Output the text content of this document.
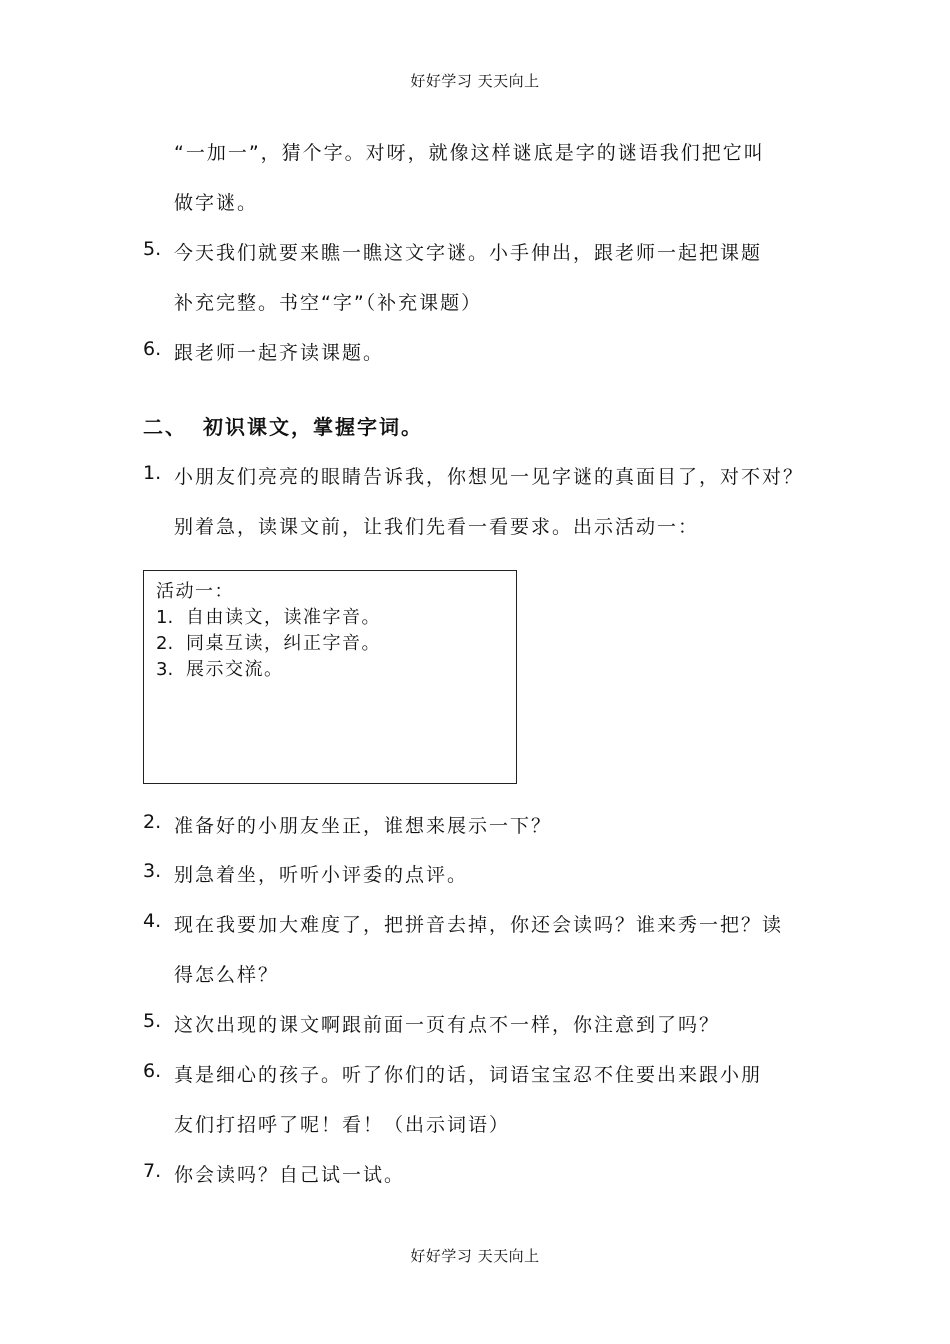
好好学习 天天向上
“一加一”，猜个字。对呀，就像这样谜底是字的谜语我们把它叫
做字谜。
5. 今天我们就要来瞧一瞧这文字谜。小手伸出，跟老师一起把课题
补充完整。书空“字”（补充课题）
6. 跟老师一起齐读课题。
二、 初识课文，掌握字词。
1. 小朋友们亮亮的眼睛告诉我，你想见一见字谜的真面目了，对不对？
别着急，读课文前，让我们先看一看要求。出示活动一：
活动一：
1. 自由读文，读准字音。
2. 同桌互读，纠正字音。
3. 展示交流。
2. 准备好的小朋友坐正，谁想来展示一下？
3. 别急着坐，听听小评委的点评。
4. 现在我要加大难度了，把拼音去掉，你还会读吗？谁来秀一把？读
得怎么样？
5. 这次出现的课文啊跟前面一页有点不一样，你注意到了吗？
6. 真是细心的孩子。听了你们的话，词语宝宝忍不住要出来跟小朋
友们打招呼了呢！看！（出示词语）
7. 你会读吗？自己试一试。
好好学习 天天向上
